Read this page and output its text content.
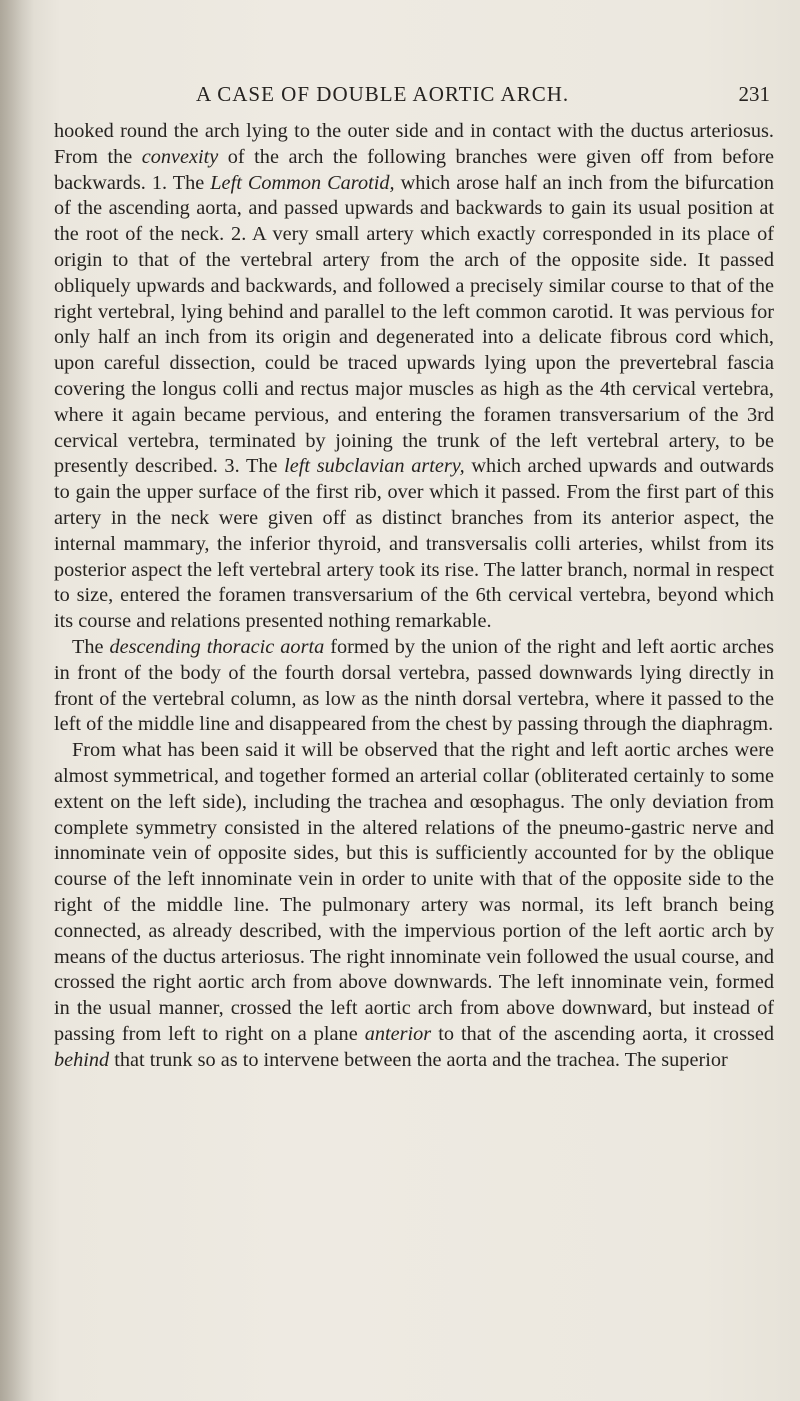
A CASE OF DOUBLE AORTIC ARCH.	231

hooked round the arch lying to the outer side and in contact with the ductus arteriosus. From the convexity of the arch the following branches were given off from before backwards. 1. The Left Common Carotid, which arose half an inch from the bifurcation of the ascending aorta, and passed upwards and backwards to gain its usual position at the root of the neck. 2. A very small artery which exactly corresponded in its place of origin to that of the vertebral artery from the arch of the opposite side. It passed obliquely upwards and backwards, and followed a precisely similar course to that of the right vertebral, lying behind and parallel to the left common carotid. It was pervious for only half an inch from its origin and degenerated into a delicate fibrous cord which, upon careful dissection, could be traced upwards lying upon the prevertebral fascia covering the longus colli and rectus major muscles as high as the 4th cervical vertebra, where it again became pervious, and entering the foramen transversarium of the 3rd cervical vertebra, terminated by joining the trunk of the left vertebral artery, to be presently described. 3. The left subclavian artery, which arched upwards and outwards to gain the upper surface of the first rib, over which it passed. From the first part of this artery in the neck were given off as distinct branches from its anterior aspect, the internal mammary, the inferior thyroid, and transversalis colli arteries, whilst from its posterior aspect the left vertebral artery took its rise. The latter branch, normal in respect to size, entered the foramen transversarium of the 6th cervical vertebra, beyond which its course and relations presented nothing remarkable.

The descending thoracic aorta formed by the union of the right and left aortic arches in front of the body of the fourth dorsal vertebra, passed downwards lying directly in front of the vertebral column, as low as the ninth dorsal vertebra, where it passed to the left of the middle line and disappeared from the chest by passing through the diaphragm.

From what has been said it will be observed that the right and left aortic arches were almost symmetrical, and together formed an arterial collar (obliterated certainly to some extent on the left side), including the trachea and œsophagus. The only deviation from complete symmetry consisted in the altered relations of the pneumo-gastric nerve and innominate vein of opposite sides, but this is sufficiently accounted for by the oblique course of the left innominate vein in order to unite with that of the opposite side to the right of the middle line. The pulmonary artery was normal, its left branch being connected, as already described, with the impervious portion of the left aortic arch by means of the ductus arteriosus. The right innominate vein followed the usual course, and crossed the right aortic arch from above downwards. The left innominate vein, formed in the usual manner, crossed the left aortic arch from above downward, but instead of passing from left to right on a plane anterior to that of the ascending aorta, it crossed behind that trunk so as to intervene between the aorta and the trachea. The superior
